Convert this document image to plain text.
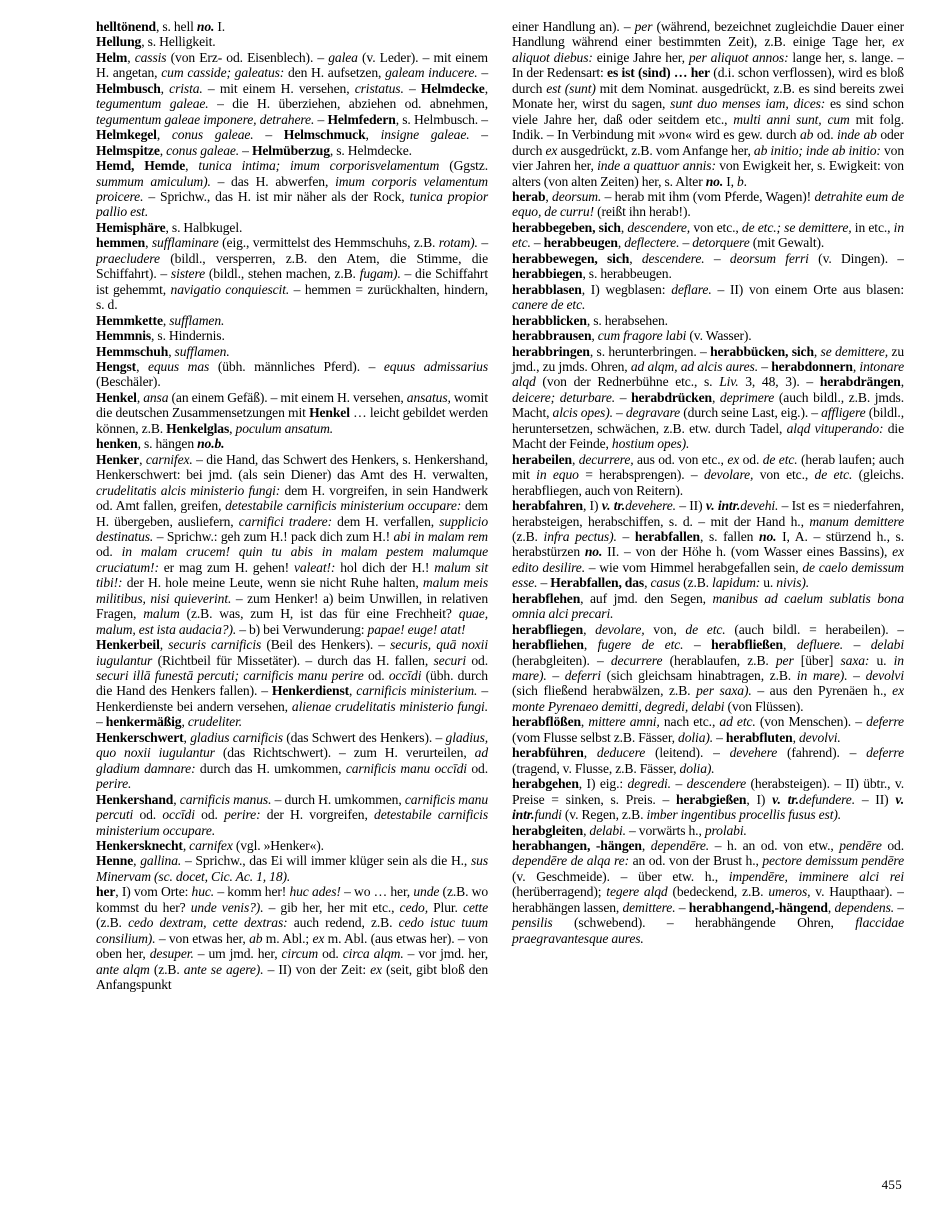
helltönend, s. hell no. I.

Hellung, s. Helligkeit.

Helm, cassis (von Erz- od. Eisenblech). – galea (v. Leder). – mit einem H. angetan, cum casside; galeatus: den H. aufsetzen, galeam inducere. – Helmbusch, crista. – mit einem H. versehen, cristatus. – Helmdecke, tegumentum galeae. – die H. überziehen, abziehen od. abnehmen, tegumentum galeae imponere, detrahere. – Helmfedern, s. Helmbusch. – Helmkegel, conus galeae. – Helmschmuck, insigne galeae. – Helmspitze, conus galeae. – Helmüberzug, s. Helmdecke.

Hemd, Hemde, tunica intima; imum corporisvelamentum (Ggstz. summum amiculum). – das H. abwerfen, imum corporis velamentum proicere. – Sprichw., das H. ist mir näher als der Rock, tunica propior pallio est.

Hemisphäre, s. Halbkugel.

hemmen, sufflaminare (eig., vermittelst des Hemmschuhs, z.B. rotam). – praecludere (bildl., versperren, z.B. den Atem, die Stimme, die Schiffahrt). – sistere (bildl., stehen machen, z.B. fugam). – die Schiffahrt ist gehemmt, navigatio conquiescit. – hemmen = zurückhalten, hindern, s. d.

Hemmkette, sufflamen.

Hemmnis, s. Hindernis.

Hemmschuh, sufflamen.

Hengst, equus mas (übh. männliches Pferd). – equus admissarius (Beschäler).

Henkel, ansa (an einem Gefäß). – mit einem H. versehen, ansatus, womit die deutschen Zusammensetzungen mit Henkel … leicht gebildet werden können, z.B. Henkelglas, poculum ansatum.

henken, s. hängen no.b.

Henker, carnifex. – die Hand, das Schwert des Henkers, s. Henkershand, Henkerschwert: bei jmd. (als sein Diener) das Amt des H. verwalten, crudelitatis alcis ministerio fungi: dem H. vorgreifen, in sein Handwerk od. Amt fallen, greifen, detestabile carnificis ministerium occupare: dem H. übergeben, ausliefern, carnifici tradere: dem H. verfallen, supplicio destinatus. – Sprichw.: geh zum H.! pack dich zum H.! abi in malam rem od. in malam crucem! quin tu abis in malam pestem malumque cruciatum!: er mag zum H. gehen! valeat!: hol dich der H.! malum sit tibi!: der H. hole meine Leute, wenn sie nicht Ruhe halten, malum meis militibus, nisi quieverint. – zum Henker! a) beim Unwillen, in relativen Fragen, malum (z.B. was, zum H, ist das für eine Frechheit? quae, malum, est ista audacia?). – b) bei Verwunderung: papae! euge! atat!

Henkerbeil, securis carnificis (Beil des Henkers). – securis, quā noxii iugulantur (Richtbeil für Missetäter). – durch das H. fallen, securi od. securi illā funestā percuti; carnificis manu perire od. occīdi (übh. durch die Hand des Henkers fallen). – Henkerdienst, carnificis ministerium. – Henkerdienste bei andern versehen, alienae crudelitatis ministerio fungi. – henkermäßig, crudeliter.

Henkerschwert, gladius carnificis (das Schwert des Henkers). – gladius, quo noxii iugulantur (das Richtschwert). – zum H. verurteilen, ad gladium damnare: durch das H. umkommen, carnificis manu occīdi od. perire.

Henkershand, carnificis manus. – durch H. umkommen, carnificis manu percuti od. occīdi od. perire: der H. vorgreifen, detestabile carnificis ministerium occupare.

Henkersknecht, carnifex (vgl. »Henker«).

Henne, gallina. – Sprichw., das Ei will immer klüger sein als die H., sus Minervam (sc. docet, Cic. Ac. 1, 18).

her, I) vom Orte: huc. – komm her! huc ades! – wo … her, unde (z.B. wo kommst du her? unde venis?). – gib her, her mit etc., cedo, Plur. cette (z.B. cedo dextram, cette dextras: auch redend, z.B. cedo istuc tuum consilium). – von etwas her, ab m. Abl.; ex m. Abl. (aus etwas her). – von oben her, desuper. – um jmd. her, circum od. circa alqm. – vor jmd. her, ante alqm (z.B. ante se agere). – II) von der Zeit: ex (seit, gibt bloß den Anfangspunkt

einer Handlung an). – per (während, bezeichnet zugleichdie Dauer einer Handlung während einer bestimmten Zeit), z.B. einige Tage her, ex aliquot diebus: einige Jahre her, per aliquot annos: lange her, s. lange. – In der Redensart: es ist (sind) … her (d.i. schon verflossen), wird es bloß durch est (sunt) mit dem Nominat. ausgedrückt, z.B. es sind bereits zwei Monate her, wirst du sagen, sunt duo menses iam, dices: es sind schon viele Jahre her, daß oder seitdem etc., multi anni sunt, cum mit folg. Indik. – In Verbindung mit »von« wird es gew. durch ab od. inde ab oder durch ex ausgedrückt, z.B. vom Anfange her, ab initio; inde ab initio: von vier Jahren her, inde a quattuor annis: von Ewigkeit her, s. Ewigkeit: von alters (von alten Zeiten) her, s. Alter no. I, b.

herab, deorsum. – herab mit ihm (vom Pferde, Wagen)! detrahite eum de equo, de curru! (reißt ihn herab!).

herabbegeben, sich, descendere, von etc., de etc.; se demittere, in etc., in etc. – herabbeugen, deflectere. – detorquere (mit Gewalt).

herabbewegen, sich, descendere. – deorsum ferri (v. Dingen). – herabbiegen, s. herabbeugen.

herabblasen, I) wegblasen: deflare. – II) von einem Orte aus blasen: canere de etc.

herabblicken, s. herabsehen.

herabbrausen, cum fragore labi (v. Wasser).

herabbringen, s. herunterbringen. – herabbücken, sich, se demittere, zu jmd., zu jmds. Ohren, ad alqm, ad alcis aures. – herabdonnern, intonare alqd (von der Rednerbühne etc., s. Liv. 3, 48, 3). – herabdrängen, deicere; deturbare. – herabdrücken, deprimere (auch bildl., z.B. jmds. Macht, alcis opes). – degravare (durch seine Last, eig.). – affligere (bildl., heruntersetzen, schwächen, z.B. etw. durch Tadel, alqd vituperando: die Macht der Feinde, hostium opes).

herabeilen, decurrere, aus od. von etc., ex od. de etc. (herab laufen; auch mit in equo = herabsprengen). – devolare, von etc., de etc. (gleichs. herabfliegen, auch von Reitern).

herabfahren, I) v. tr.devehere. – II) v. intr.devehi. – Ist es = niederfahren, herabsteigen, herabschiffen, s. d. – mit der Hand h., manum demittere (z.B. infra pectus). – herabfallen, s. fallen no. I, A. – stürzend h., s. herabstürzen no. II. – von der Höhe h. (vom Wasser eines Bassins), ex edito desilire. – wie vom Himmel herabgefallen sein, de caelo demissum esse. – Herabfallen, das, casus (z.B. lapidum: u. nivis).

herabflehen, auf jmd. den Segen, manibus ad caelum sublatis bona omnia alci precari.

herabfliegen, devolare, von, de etc. (auch bildl. = herabeilen). – herabfliehen, fugere de etc. – herabfließen, defluere. – delabi (herabgleiten). – decurrere (herablaufen, z.B. per [über] saxa: u. in mare). – deferri (sich gleichsam hinabtragen, z.B. in mare). – devolvi (sich fließend herabwälzen, z.B. per saxa). – aus den Pyrenäen h., ex monte Pyrenaeo demitti, degredi, delabi (von Flüssen).

herabflößen, mittere amni, nach etc., ad etc. (von Menschen). – deferre (vom Flusse selbst z.B. Fässer, dolia). – herabfluten, devolvi.

herabführen, deducere (leitend). – devehere (fahrend). – deferre (tragend, v. Flusse, z.B. Fässer, dolia).

herabgehen, I) eig.: degredi. – descendere (herabsteigen). – II) übtr., v. Preise = sinken, s. Preis. – herabgießen, I) v. tr.defundere. – II) v. intr.fundi (v. Regen, z.B. imber ingentibus procellis fusus est).

herabgleiten, delabi. – vorwärts h., prolabi.

herabhangen, -hängen, dependēre. – h. an od. von etw., pendēre od. dependēre de alqa re: an od. von der Brust h., pectore demissum pendēre (v. Geschmeide). – über etw. h., impendēre, imminere alci rei (herüberragend); tegere alqd (bedeckend, z.B. umeros, v. Haupthaar). – herabhängen lassen, demittere. – herabhangend,-hängend, dependens. – pensilis (schwebend). – herabhängende Ohren, flaccidae praegravantesque aures.

455
